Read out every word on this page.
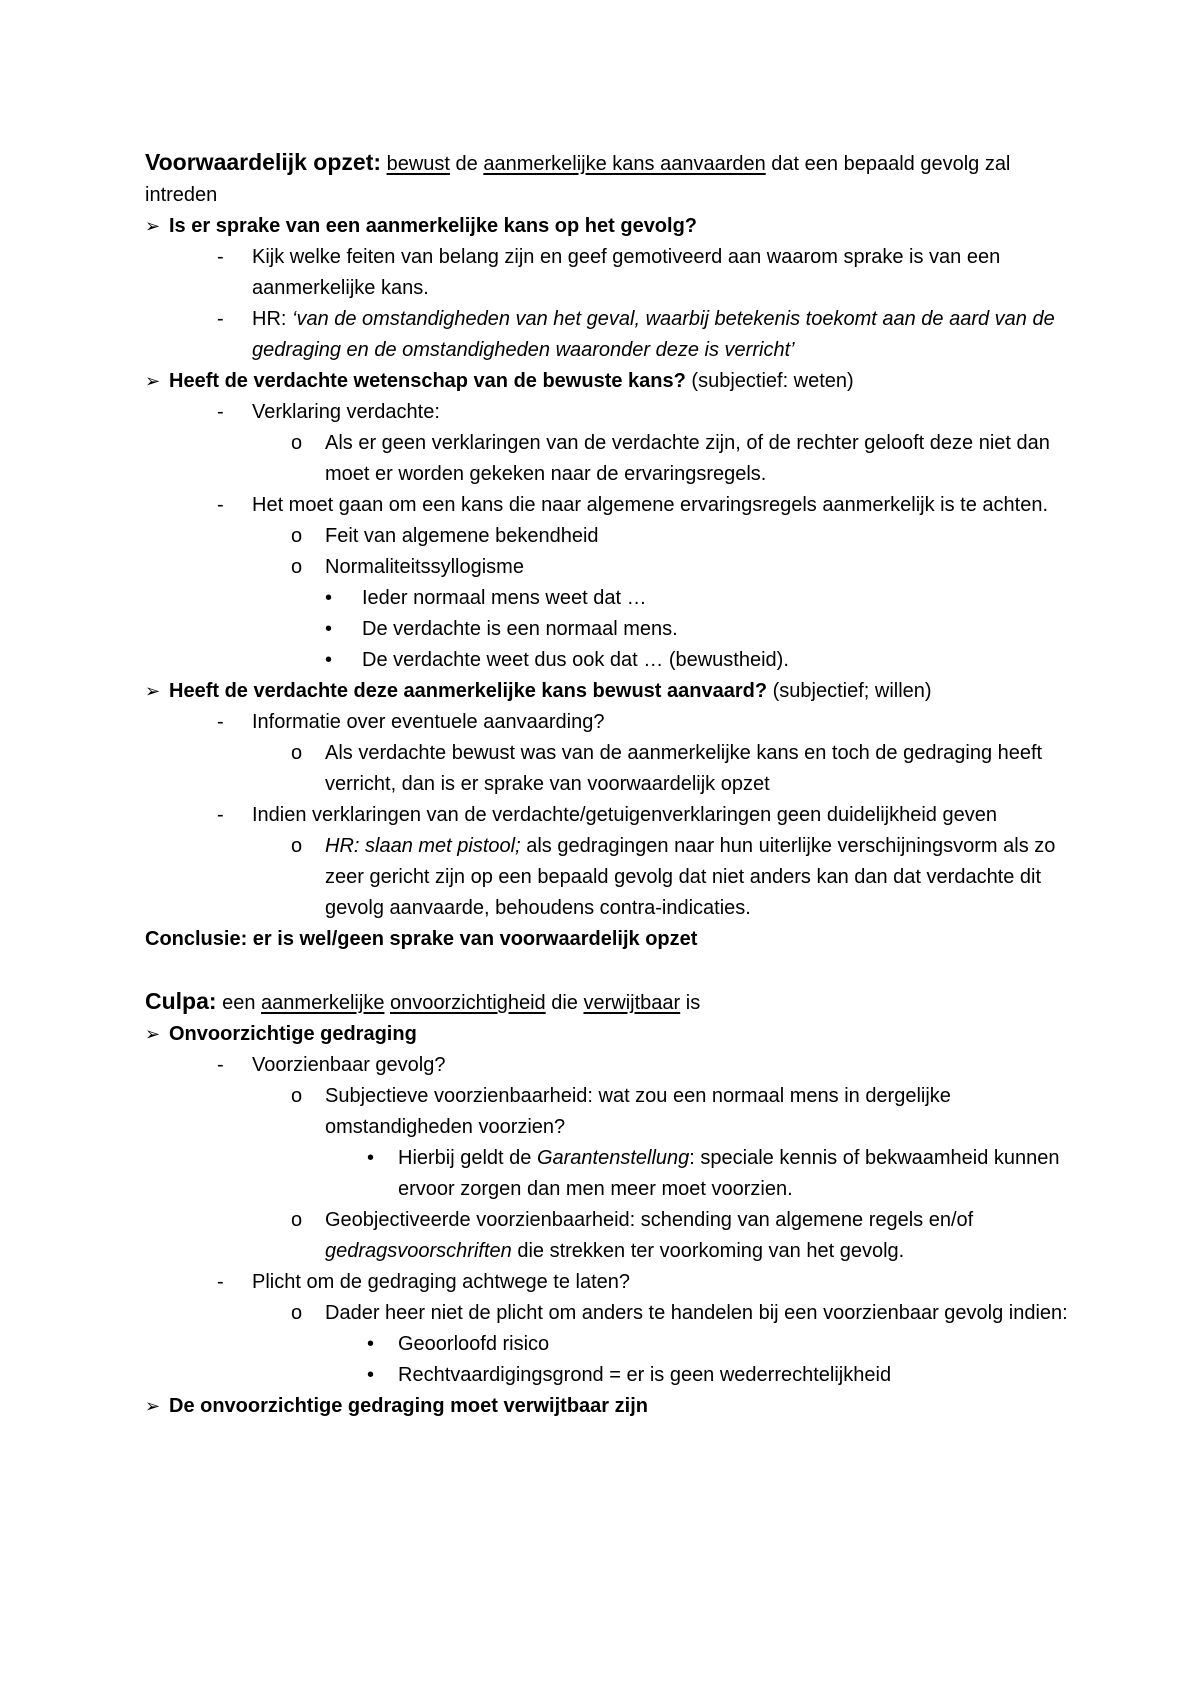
Voorwaardelijk opzet: bewust de aanmerkelijke kans aanvaarden dat een bepaald gevolg zal intreden

➢ Is er sprake van een aanmerkelijke kans op het gevolg?
- Kijk welke feiten van belang zijn en geef gemotiveerd aan waarom sprake is van een aanmerkelijke kans.
- HR: ‘van de omstandigheden van het geval, waarbij betekenis toekomt aan de aard van de gedraging en de omstandigheden waaronder deze is verricht’
➢ Heeft de verdachte wetenschap van de bewuste kans? (subjectief: weten)
- Verklaring verdachte:
o Als er geen verklaringen van de verdachte zijn, of de rechter gelooft deze niet dan moet er worden gekeken naar de ervaringsregels.
- Het moet gaan om een kans die naar algemene ervaringsregels aanmerkelijk is te achten.
o Feit van algemene bekendheid
o Normaliteitssyllogisme
• Ieder normaal mens weet dat …
• De verdachte is een normaal mens.
• De verdachte weet dus ook dat … (bewustheid).
➢ Heeft de verdachte deze aanmerkelijke kans bewust aanvaard? (subjectief; willen)
- Informatie over eventuele aanvaarding?
o Als verdachte bewust was van de aanmerkelijke kans en toch de gedraging heeft verricht, dan is er sprake van voorwaardelijk opzet
- Indien verklaringen van de verdachte/getuigenverklaringen geen duidelijkheid geven
o HR: slaan met pistool; als gedragingen naar hun uiterlijke verschijningsvorm als zo zeer gericht zijn op een bepaald gevolg dat niet anders kan dan dat verdachte dit gevolg aanvaarde, behoudens contra-indicaties.

Conclusie: er is wel/geen sprake van voorwaardelijk opzet

Culpa: een aanmerkelijke onvoorzichtigheid die verwijtbaar is

➢ Onvoorzichtige gedraging
- Voorzienbaar gevolg?
o Subjectieve voorzienbaarheid: wat zou een normaal mens in dergelijke omstandigheden voorzien?
• Hierbij geldt de Garantenstellung: speciale kennis of bekwaamheid kunnen ervoor zorgen dan men meer moet voorzien.
o Geobjectiveerde voorzienbaarheid: schending van algemene regels en/of gedragsvoorschriften die strekken ter voorkoming van het gevolg.
- Plicht om de gedraging achtwege te laten?
o Dader heer niet de plicht om anders te handelen bij een voorzienbaar gevolg indien:
• Geoorloofd risico
• Rechtvaardigingsgrond = er is geen wederrechtelijkheid
➢ De onvoorzichtige gedraging moet verwijtbaar zijn
